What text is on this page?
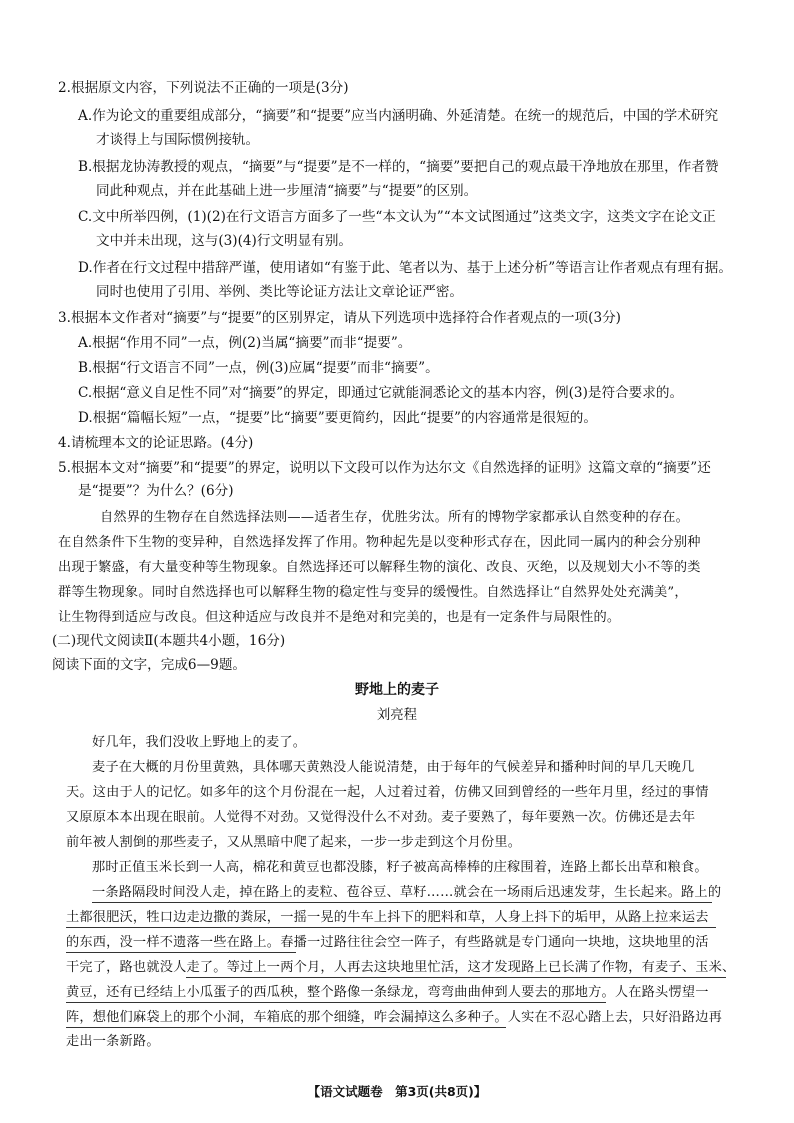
2.根据原文内容，下列说法不正确的一项是(3分)
A.作为论文的重要组成部分，“摘要”和“提要”应当内涵明确、外延清楚。在统一的规范后，中国的学术研究
才谈得上与国际惯例接轨。
B.根据龙协涛教授的观点，“摘要”与“提要”是不一样的，“摘要”要把自己的观点最干净地放在那里，作者赞
同此种观点，并在此基础上进一步厘清“摘要”与“提要”的区别。
C.文中所举四例，(1)(2)在行文语言方面多了一些“本文认为”“本文试图通过”这类文字，这类文字在论文正
文中并未出现，这与(3)(4)行文明显有别。
D.作者在行文过程中措辞严谨，使用诸如“有鉴于此、笔者以为、基于上述分析”等语言让作者观点有理有据。
同时也使用了引用、举例、类比等论证方法让文章论证严密。
3.根据本文作者对“摘要”与“提要”的区别界定，请从下列选项中选择符合作者观点的一项(3分)
A.根据“作用不同”一点，例(2)当属“摘要”而非“提要”。
B.根据“行文语言不同”一点，例(3)应属“提要”而非“摘要”。
C.根据“意义自足性不同”对“摘要”的界定，即通过它就能洞悉论文的基本内容，例(3)是符合要求的。
D.根据“篇幅长短”一点，“提要”比“摘要”要更简约，因此“提要”的内容通常是很短的。
4.请梳理本文的论证思路。(4分)
5.根据本文对“摘要”和“提要”的界定，说明以下文段可以作为达尔文《自然选择的证明》这篇文章的“摘要”还
是“提要”？为什么？(6分)
自然界的生物存在自然选择法则——适者生存，优胜劣汰。所有的博物学家都承认自然变种的存在。
在自然条件下生物的变异种，自然选择发挥了作用。物种起先是以变种形式存在，因此同一属内的种会分别种
出现于繁盛，有大量变种等生物现象。自然选择还可以解释生物的演化、改良、灭绝，以及规划大小不等的类
群等生物现象。同时自然选择也可以解释生物的稳定性与变异的缓慢性。自然选择让“自然界处处充满美”，
让生物得到适应与改良。但这种适应与改良并不是绝对和完美的，也是有一定条件与局限性的。
(二)现代文阅读Ⅱ(本题共4小题，16分)
阅读下面的文字，完成6—9题。
野地上的麦子
刘亮程
好几年，我们没收上野地上的麦了。
麦子在大概的月份里黄熟，具体哪天黄熟没人能说清楚，由于每年的气候差异和播种时间的早几天晚几
天。这由于人的记忆。如多年的这个月份混在一起，人过着过着，仿佛又回到曾经的一些年月里，经过的事情
又原原本本出现在眼前。人觉得不对劲。又觉得没什么不对劲。麦子要熟了，每年要熟一次。仿佛还是去年
前年被人割倒的那些麦子，又从黑暗中爬了起来，一步一步走到这个月份里。
那时正值玉米长到一人高，棉花和黄豆也都没膝，籽子被高高棒棒的庄稼围着，连路上都长出草和粮食。
一条路隔段时间没人走，掉在路上的麦粒、苞谷豆、草籽……就会在一场雨后迅速发芽，生长起来。路上的
土都很肥沃，牲口边走边撒的粪尿，一摇一晃的牛车上抖下的肥料和草，人身上抖下的垢甲，从路上拉来运去
的东西，没一样不遗落一些在路上。春播一过路往往会空一阵子，有些路就是专门通向一块地，这块地里的活
干完了，路也就没人走了。等过上一两个月，人再去这块地里忙活，这才发现路上已长满了作物，有麦子、玉米、
黄豆，还有已经结上小瓜蛋子的西瓜秧，整个路像一条绿龙，弯弯曲曲伸到人要去的那地方。人在路头愣望一
阵，想他们麻袋上的那个小洞，车箱底的那个细缝，咋会漏掉这么多种子。人实在不忍心踏上去，只好沿路边再
走出一条新路。
【语文试题卷　第3页(共8页)】
